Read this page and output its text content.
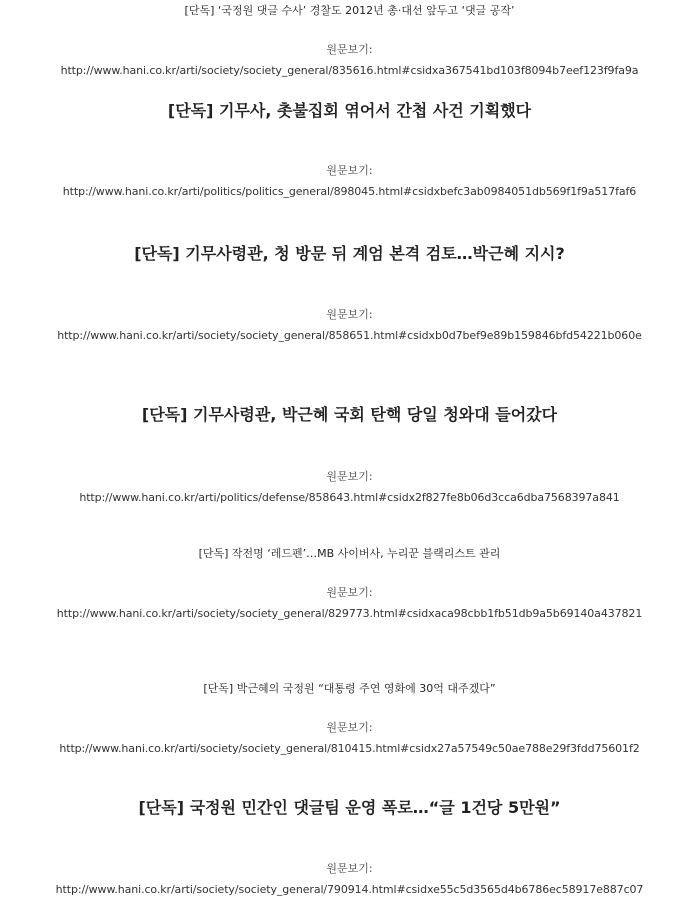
[단독] ‘국정원 댓글 수사’ 경찰도 2012년 총·대선 앞두고 ‘댓글 공작’
원문보기:
http://www.hani.co.kr/arti/society/society_general/835616.html#csidxa367541bd103f8094b7eef123f9fa9a
[단독] 기무사, 촛불집회 엮어서 간첩 사건 기획했다
원문보기:
http://www.hani.co.kr/arti/politics/politics_general/898045.html#csidxbefc3ab0984051db569f1f9a517faf6
[단독] 기무사령관, 청 방문 뒤 계엄 본격 검토…박근혜 지시?
원문보기:
http://www.hani.co.kr/arti/society/society_general/858651.html#csidxb0d7bef9e89b159846bfd54221b060e
[단독] 기무사령관, 박근혜 국회 탄핵 당일 청와대 들어갔다
원문보기:
http://www.hani.co.kr/arti/politics/defense/858643.html#csidx2f827fe8b06d3cca6dba7568397a841
[단독] 작전명 ‘레드펜’…MB 사이버사, 누리꾼 블랙리스트 관리
원문보기:
http://www.hani.co.kr/arti/society/society_general/829773.html#csidxaca98cbb1fb51db9a5b69140a437821
[단독] 박근혜의 국정원 “대통령 주연 영화에 30억 대주겠다”
원문보기:
http://www.hani.co.kr/arti/society/society_general/810415.html#csidx27a57549c50ae788e29f3fdd75601f2
[단독] 국정원 민간인 댓글팀 운영 폭로…“글 1건당 5만원”
원문보기:
http://www.hani.co.kr/arti/society/society_general/790914.html#csidxe55c5d3565d4b6786ec58917e887c07
